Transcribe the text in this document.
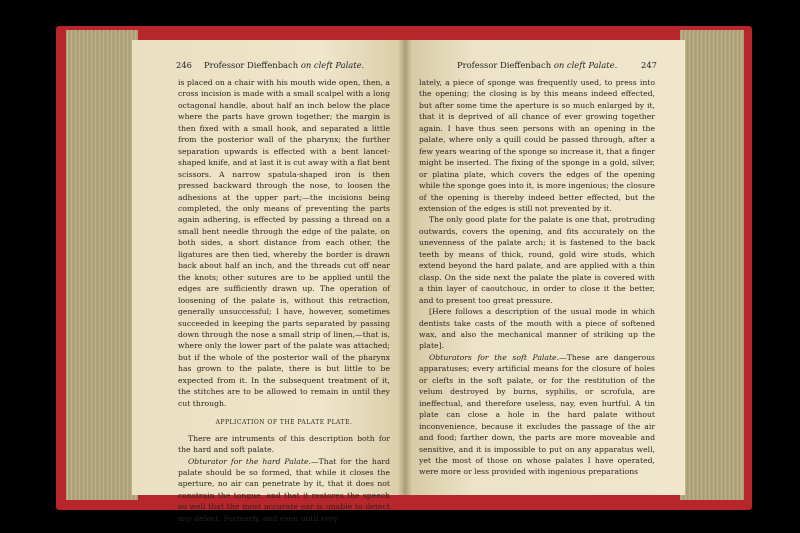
246 Professor Dieffenbach on cleft Palate.

is placed on a chair with his mouth wide open, then, a cross incision is made with a small scalpel with a long octagonal handle, about half an inch below the place where the parts have grown together; the margin is then fixed with a small hook, and separated a little from the posterior wall of the pharynx; the further separation upwards is effected with a bent lancet-shaped knife, and at last it is cut away with a flat bent scissors. A narrow spatula-shaped iron is then pressed backward through the nose, to loosen the adhesions at the upper part;—the incisions being completed, the only means of preventing the parts again adhering, is effected by passing a thread on a small bent needle through the edge of the palate, on both sides, a short distance from each other, the ligatures are then tied, whereby the border is drawn back about half an inch, and the threads cut off near the knots; other sutures are to be applied until the edges are sufficiently drawn up. The operation of loosening of the palate is, without this retraction, generally unsuccessful; I have, however, sometimes succeeded in keeping the parts separated by passing down through the nose a small strip of linen,—that is, where only the lower part of the palate was attached; but if the whole of the posterior wall of the pharynx has grown to the palate, there is but little to be expected from it. In the subsequent treatment of it, the stitches are to be allowed to remain in until they cut through.

APPLICATION OF THE PALATE PLATE.

There are intruments of this description both for the hard and soft palate.

Obturator for the hard Palate.—That for the hard palate should be so formed, that while it closes the aperture, no air can penetrate by it, that it does not constrain the tongue, and that it restores the speech so well that the most accurate ear is unable to detect any defect. Formerly, and even until very

Professor Dieffenbach on cleft Palate.	247

lately, a piece of sponge was frequently used, to press into the opening; the closing is by this means indeed effected, but after some time the aperture is so much enlarged by it, that it is deprived of all chance of ever growing together again. I have thus seen persons with an opening in the palate, where only a quill could be passed through, after a few years wearing of the sponge so increase it, that a finger might be inserted. The fixing of the sponge in a gold, silver, or platina plate, which covers the edges of the opening while the sponge goes into it, is more ingenious; the closure of the opening is thereby indeed better effected, but the extension of the edges is still not prevented by it.

The only good plate for the palate is one that, protruding outwards, covers the opening, and fits accurately on the unevenness of the palate arch; it is fastened to the back teeth by means of thick, round, gold wire studs, which extend beyond the hard palate, and are applied with a thin clasp. On the side next the palate the plate is covered with a thin layer of caoutchouc, in order to close it the better, and to present too great pressure.

[Here follows a description of the usual mode in which dentists take casts of the mouth with a piece of softened wax, and also the mechanical manner of striking up the plate].

Obturators for the soft Palate.—These are dangerous apparatuses; every artificial means for the closure of holes or clefts in the soft palate, or for the restitution of the velum destroyed by burns, syphilis, or scrofula, are ineffectual, and therefore useless, nay, even hurtful. A tin plate can close a hole in the hard palate without inconvenience, because it excludes the passage of the air and food; farther down, the parts are more moveable and sensitive, and it is impossible to put on any apparatus well, yet the most of those on whose palates I have operated, were more or less provided with ingenious preparations
